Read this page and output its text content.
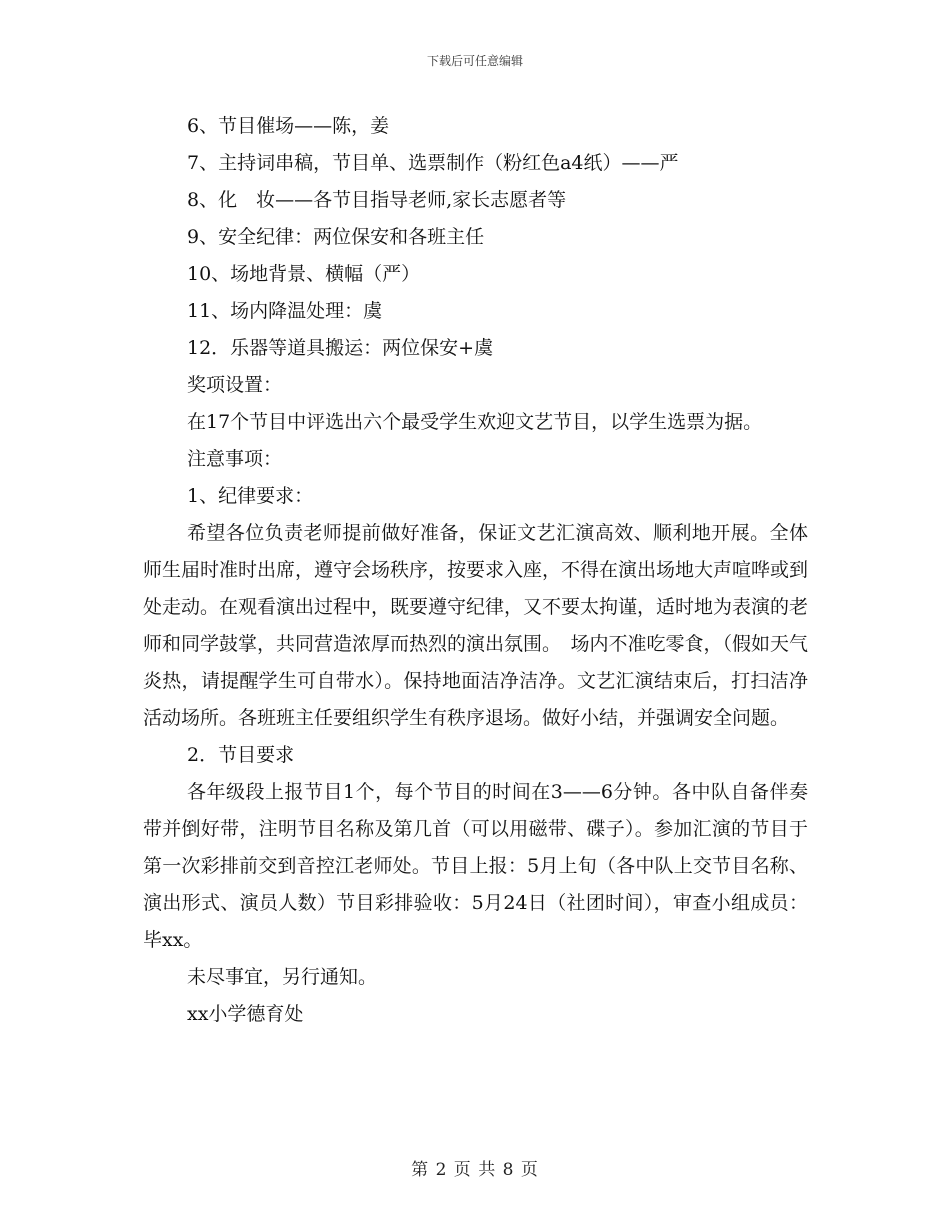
下载后可任意编辑

6、节目催场——陈，姜

7、主持词串稿，节目单、选票制作（粉红色a4纸）——严

8、化　妆——各节目指导老师,家长志愿者等

9、安全纪律：两位保安和各班主任

10、场地背景、横幅（严）

11、场内降温处理：虞

12．乐器等道具搬运：两位保安+虞

奖项设置：

在17个节目中评选出六个最受学生欢迎文艺节目，以学生选票为据。

注意事项：

1、纪律要求：

希望各位负责老师提前做好准备，保证文艺汇演高效、顺利地开展。全体师生届时准时出席，遵守会场秩序，按要求入座，不得在演出场地大声喧哗或到处走动。在观看演出过程中，既要遵守纪律，又不要太拘谨，适时地为表演的老师和同学鼓掌，共同营造浓厚而热烈的演出氛围。　场内不准吃零食，（假如天气炎热，请提醒学生可自带水）。保持地面洁净洁净。文艺汇演结束后，打扫洁净活动场所。各班班主任要组织学生有秩序退场。做好小结，并强调安全问题。

2．节目要求

各年级段上报节目1个，每个节目的时间在3——6分钟。各中队自备伴奏带并倒好带，注明节目名称及第几首（可以用磁带、碟子）。参加汇演的节目于第一次彩排前交到音控江老师处。节目上报：5月上旬（各中队上交节目名称、演出形式、演员人数）节目彩排验收：5月24日（社团时间），审查小组成员：毕xx。

未尽事宜，另行通知。

xx小学德育处

第 2 页 共 8 页
